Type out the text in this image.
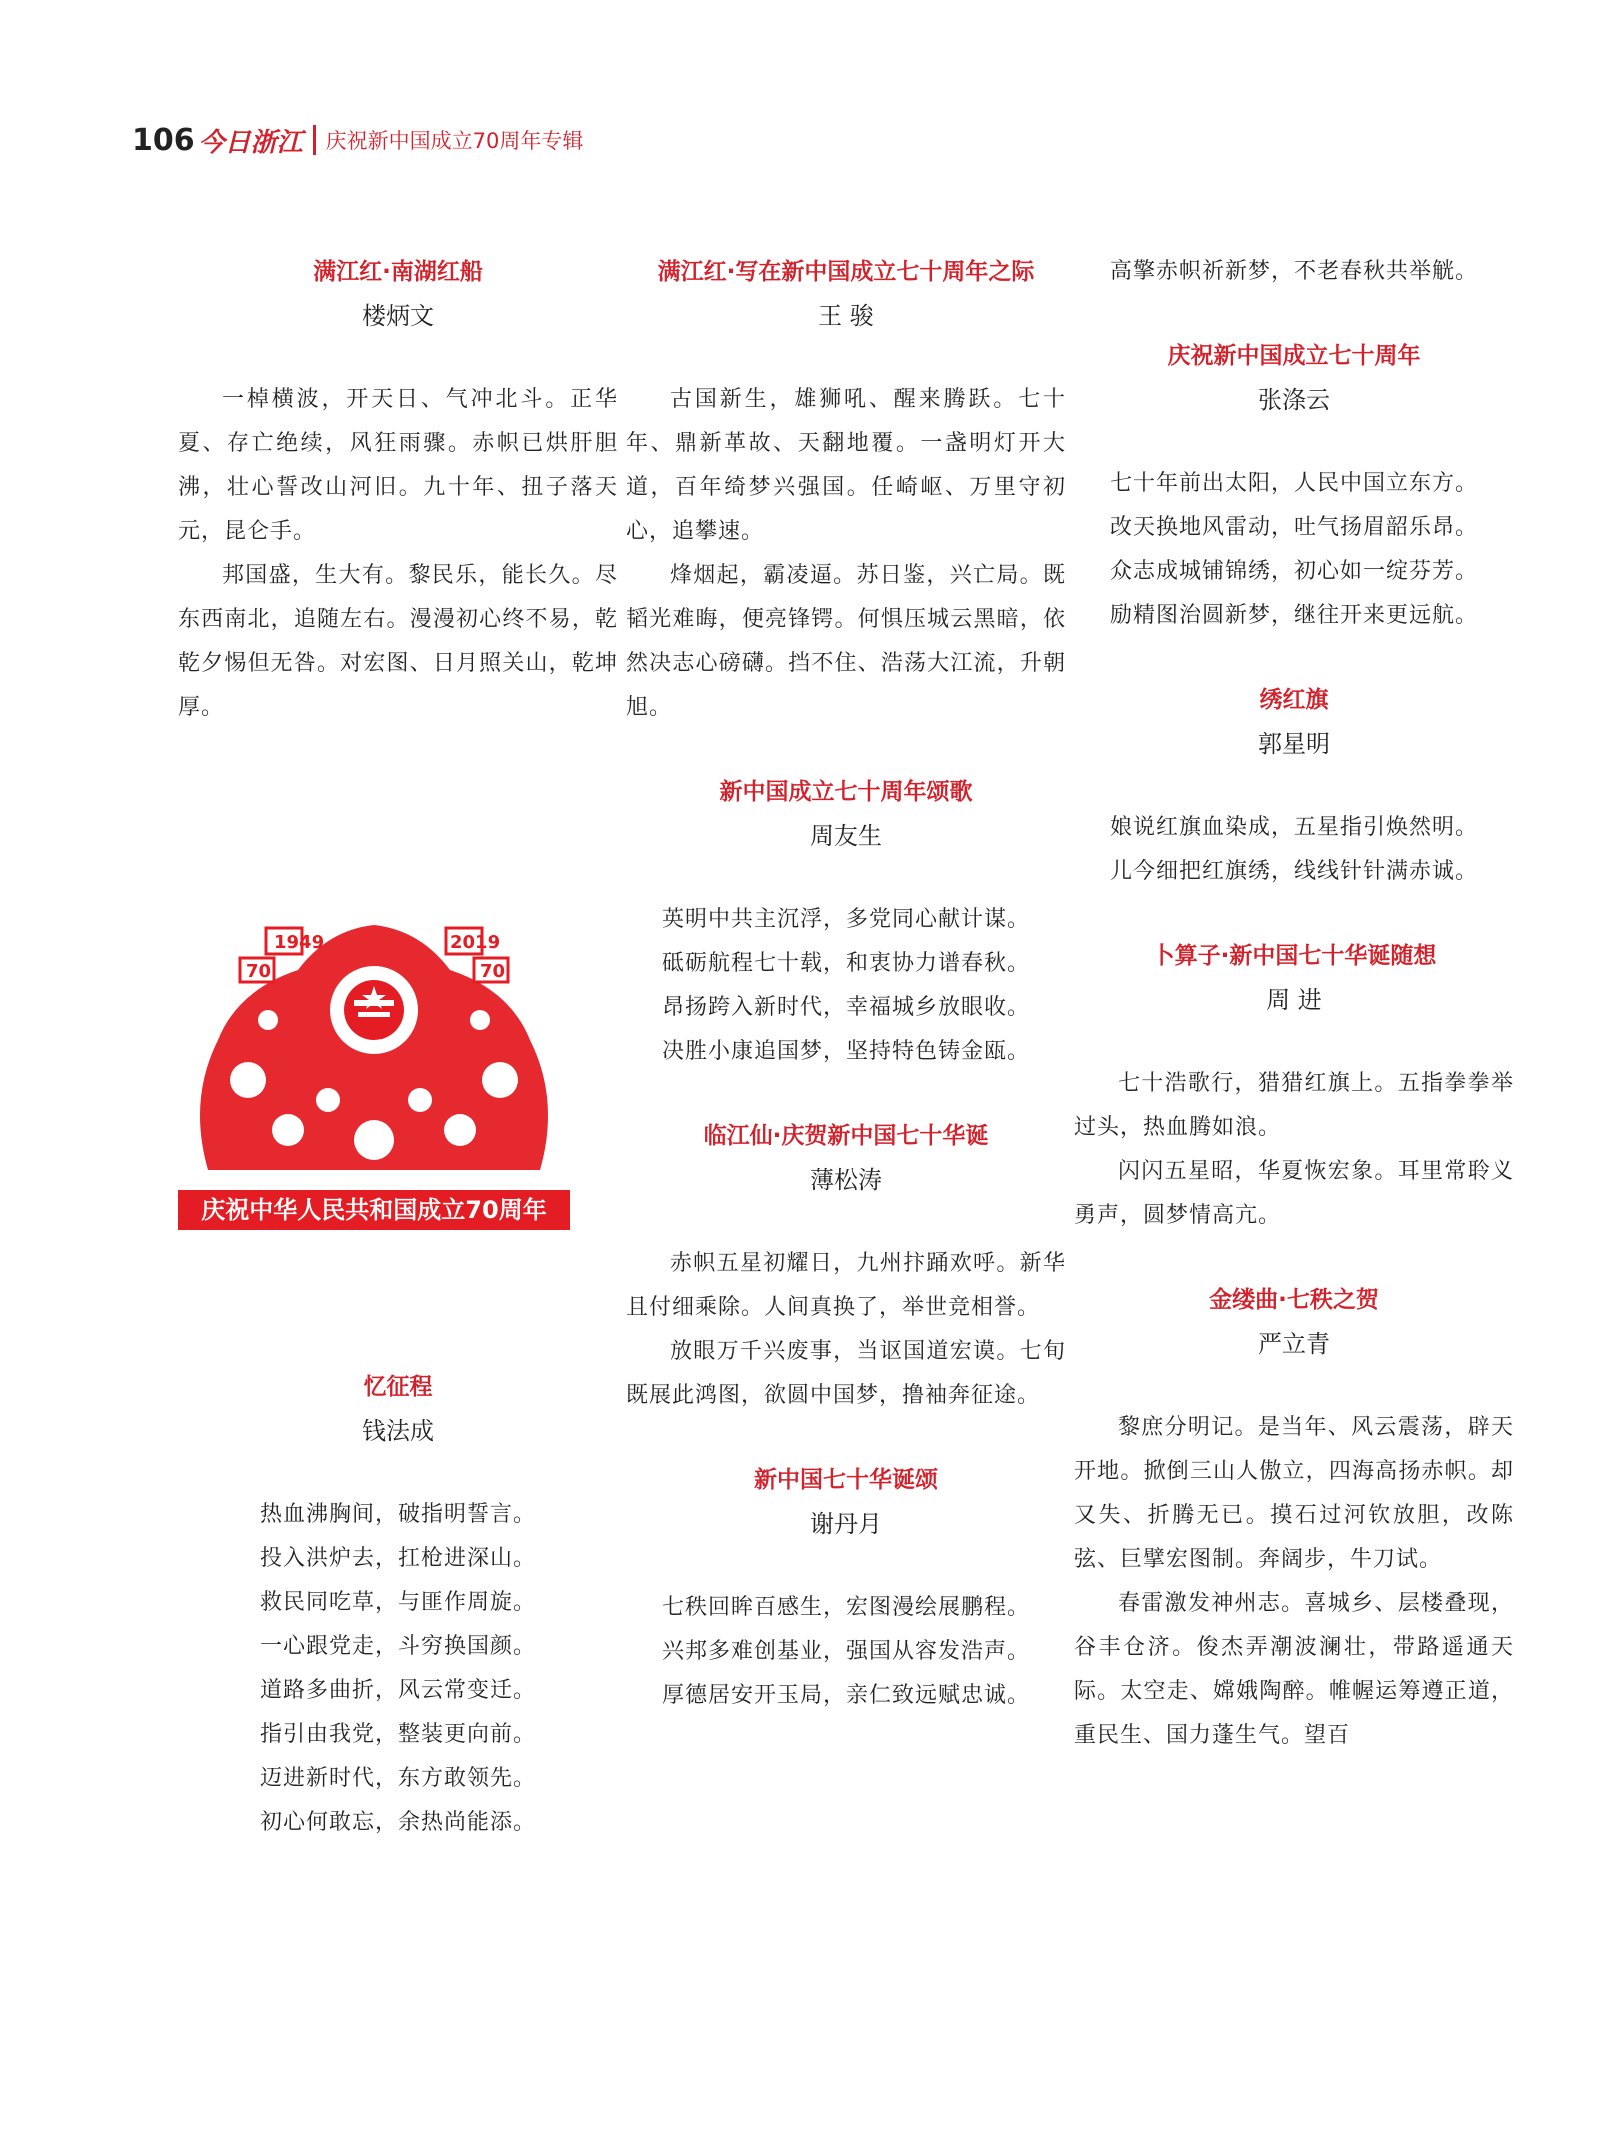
106 今日浙江 庆祝新中国成立70周年专辑
满江红·南湖红船
楼炳文

一棹横波，开天日、气冲北斗。正华夏、存亡绝续，风狂雨骤。赤帜已烘肝胆沸，壮心誓改山河旧。九十年、扭子落天元，昆仑手。

邦国盛，生大有。黎民乐，能长久。尽东西南北，追随左右。漫漫初心终不易，乾乾夕惕但无咎。对宏图、日月照关山，乾坤厚。

1949	2019
70	70
庆祝中华人民共和国成立70周年
忆征程
钱法成

热血沸胸间，破指明誓言。

投入洪炉去，扛枪进深山。

救民同吃草，与匪作周旋。

一心跟党走，斗穷换国颜。

道路多曲折，风云常变迁。

指引由我党，整装更向前。

迈进新时代，东方敢领先。

初心何敢忘，余热尚能添。

满江红·写在新中国成立七十周年之际
王 骏

古国新生，雄狮吼、醒来腾跃。七十年、鼎新革故、天翻地覆。一盏明灯开大道，百年绮梦兴强国。任崎岖、万里守初心，追攀速。

烽烟起，霸凌逼。苏日鉴，兴亡局。既韬光难晦，便亮锋锷。何惧压城云黑暗，依然决志心磅礴。挡不住、浩荡大江流，升朝旭。

新中国成立七十周年颂歌
周友生

英明中共主沉浮，多党同心献计谋。

砥砺航程七十载，和衷协力谱春秋。

昂扬跨入新时代，幸福城乡放眼收。

决胜小康追国梦，坚持特色铸金瓯。

临江仙·庆贺新中国七十华诞
薄松涛

赤帜五星初耀日，九州抃踊欢呼。新华且付细乘除。人间真换了，举世竞相誉。

放眼万千兴废事，当讴国道宏谟。七旬既展此鸿图，欲圆中国梦，撸袖奔征途。

新中国七十华诞颂
谢丹月

七秩回眸百感生，宏图漫绘展鹏程。

兴邦多难创基业，强国从容发浩声。

厚德居安开玉局，亲仁致远赋忠诚。

高擎赤帜祈新梦，不老春秋共举觥。

庆祝新中国成立七十周年
张涤云

七十年前出太阳，人民中国立东方。

改天换地风雷动，吐气扬眉韶乐昂。

众志成城铺锦绣，初心如一绽芬芳。

励精图治圆新梦，继往开来更远航。

绣红旗
郭星明

娘说红旗血染成，五星指引焕然明。

儿今细把红旗绣，线线针针满赤诚。

卜算子·新中国七十华诞随想
周 进

七十浩歌行，猎猎红旗上。五指拳拳举过头，热血腾如浪。

闪闪五星昭，华夏恢宏象。耳里常聆义勇声，圆梦情高亢。

金缕曲·七秩之贺
严立青

黎庶分明记。是当年、风云震荡，辟天开地。掀倒三山人傲立，四海高扬赤帜。却又失、折腾无已。摸石过河钦放胆，改陈弦、巨擘宏图制。奔阔步，牛刀试。

春雷激发神州志。喜城乡、层楼叠现，谷丰仓济。俊杰弄潮波澜壮，带路遥通天际。太空走、嫦娥陶醉。帷幄运筹遵正道，重民生、国力蓬生气。望百
